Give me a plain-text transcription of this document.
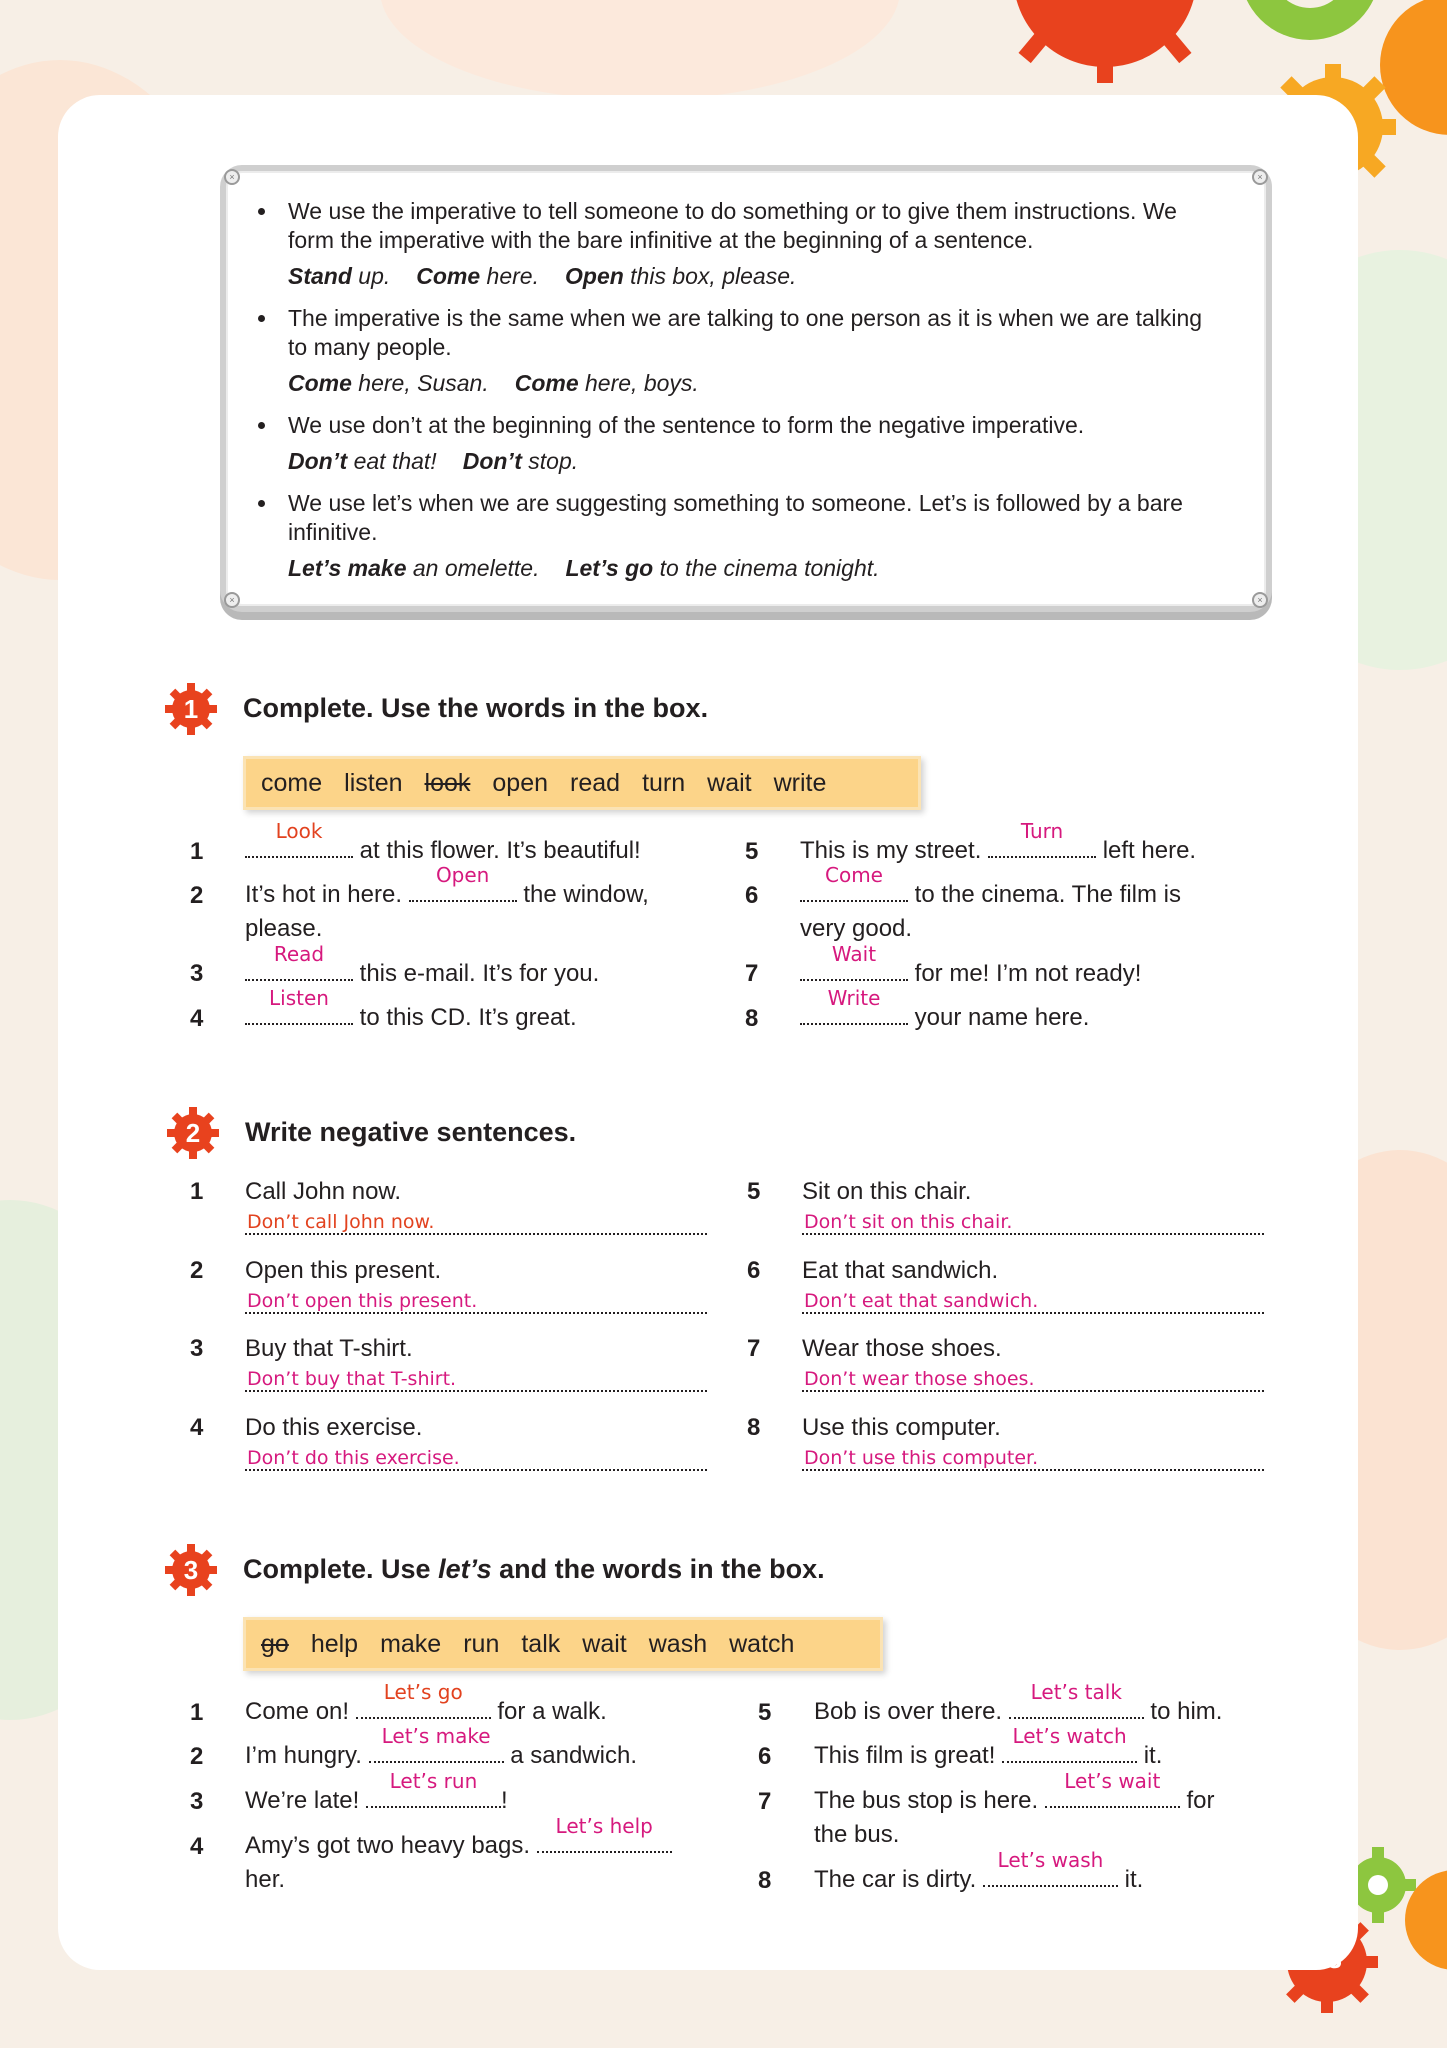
×	×
×	×
We use the imperative to tell someone to do something or to give them instructions. We form the imperative with the bare infinitive at the beginning of a sentence.
Stand up. Come here. Open this box, please.
The imperative is the same when we are talking to one person as it is when we are talking to many people.
Come here, Susan. Come here, boys.
We use don’t at the beginning of the sentence to form the negative imperative.
Don’t eat that! Don’t stop.
We use let’s when we are suggesting something to someone. Let’s is followed by a bare infinitive.
Let’s make an omelette. Let’s go to the cinema tonight.
1	Complete. Use the words in the box.
come listen look open read turn wait write
1
Look
at this flower. It’s beautiful!
2 It’s hot in here.
Open
the window,
please.
3
Read
this e-mail. It’s for you.
4
Listen
to this CD. It’s great.
5 This is my street.
Turn
left here.
6
Come
to the cinema. The film is
very good.
7
Wait
for me! I’m not ready!
8
Write
your name here.
2	Write negative sentences.
1 Call John now.
Don’t call John now.
2 Open this present.
Don’t open this present.
3 Buy that T-shirt.
Don’t buy that T-shirt.
4 Do this exercise.
Don’t do this exercise.
5 Sit on this chair.
Don’t sit on this chair.
6 Eat that sandwich.
Don’t eat that sandwich.
7 Wear those shoes.
Don’t wear those shoes.
8 Use this computer.
Don’t use this computer.
3	Complete. Use let’s and the words in the box.
go help make run talk wait wash watch
1 Come on!
Let’s go
for a walk.
2 I’m hungry.
Let’s make
a sandwich.
3 We’re late!
Let’s run
!
4 Amy’s got two heavy bags.
Let’s help

her.
5 Bob is over there.
Let’s talk
to him.
6 This film is great!
Let’s watch
it.
7 The bus stop is here.
Let’s wait
for
the bus.
8 The car is dirty.
Let’s wash
it.
